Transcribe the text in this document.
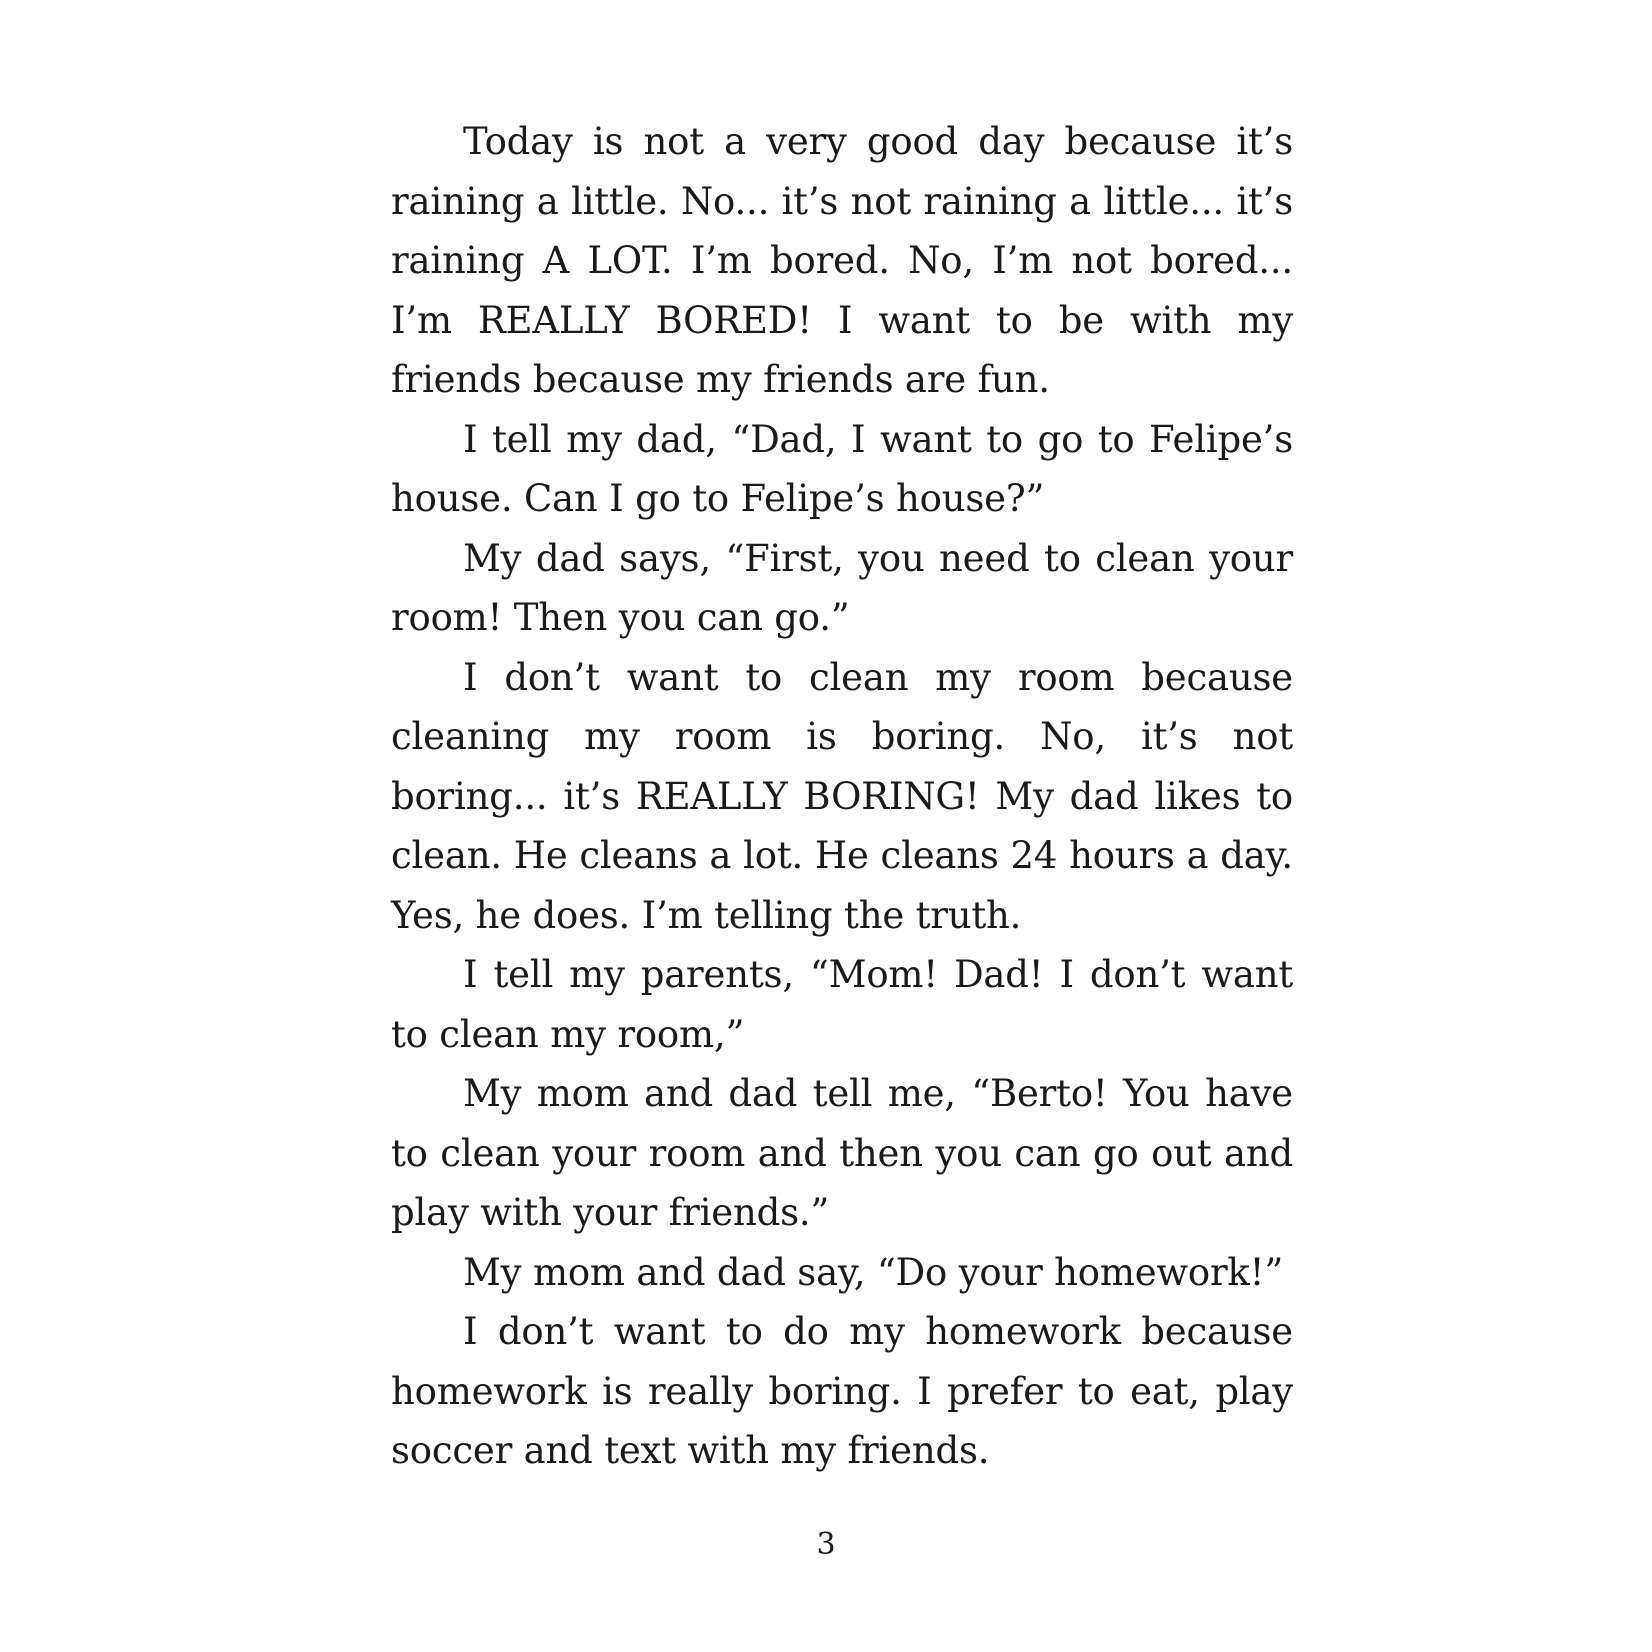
Today is not a very good day because it’s raining a little. No... it’s not raining a little... it’s raining A LOT. I’m bored. No, I’m not bored... I’m REALLY BORED! I want to be with my friends because my friends are fun.

I tell my dad, “Dad, I want to go to Felipe’s house. Can I go to Felipe’s house?”

My dad says, “First, you need to clean your room! Then you can go.”

I don’t want to clean my room because cleaning my room is boring. No, it’s not boring... it’s REALLY BORING! My dad likes to clean. He cleans a lot. He cleans 24 hours a day. Yes, he does. I’m telling the truth.

I tell my parents, “Mom! Dad! I don’t want to clean my room,”

My mom and dad tell me, “Berto! You have to clean your room and then you can go out and play with your friends.”

My mom and dad say, “Do your homework!”

I don’t want to do my homework because homework is really boring. I prefer to eat, play soccer and text with my friends.

3
